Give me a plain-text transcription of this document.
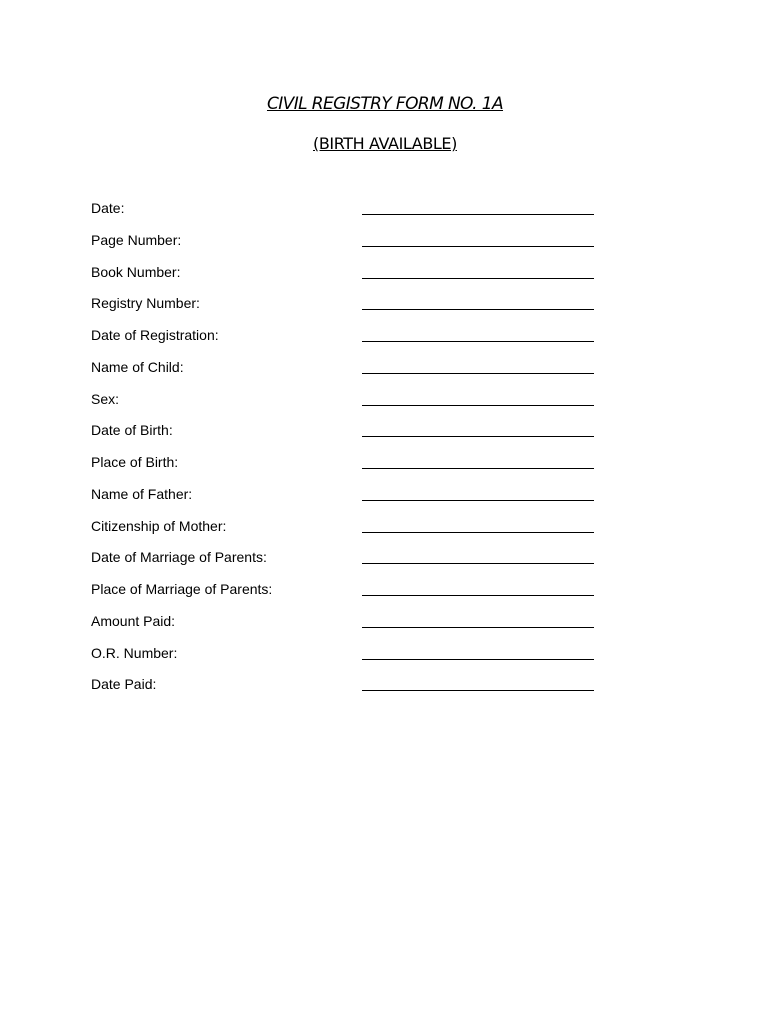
CIVIL REGISTRY FORM NO. 1A
(BIRTH AVAILABLE)
Date:
Page Number:
Book Number:
Registry Number:
Date of Registration:
Name of Child:
Sex:
Date of Birth:
Place of Birth:
Name of Father:
Citizenship of Mother:
Date of Marriage of Parents:
Place of Marriage of Parents:
Amount Paid:
O.R. Number:
Date Paid:
